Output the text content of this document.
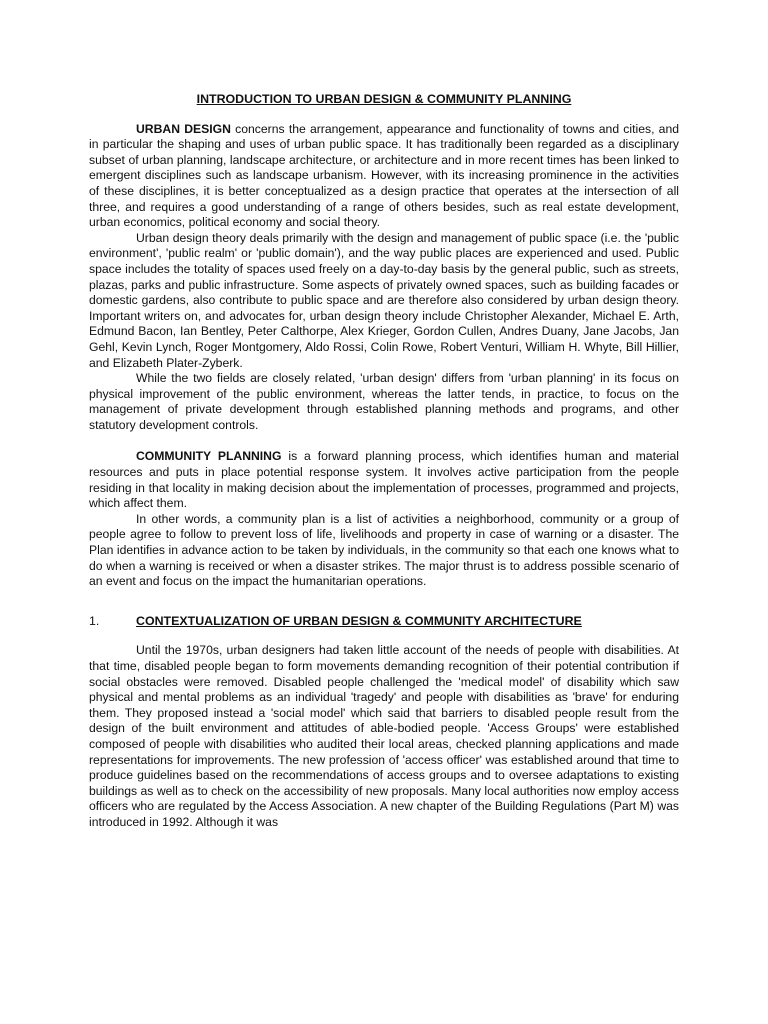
INTRODUCTION TO URBAN DESIGN & COMMUNITY PLANNING

URBAN DESIGN concerns the arrangement, appearance and functionality of towns and cities, and in particular the shaping and uses of urban public space. It has traditionally been regarded as a disciplinary subset of urban planning, landscape architecture, or architecture and in more recent times has been linked to emergent disciplines such as landscape urbanism. However, with its increasing prominence in the activities of these disciplines, it is better conceptualized as a design practice that operates at the intersection of all three, and requires a good understanding of a range of others besides, such as real estate development, urban economics, political economy and social theory.

Urban design theory deals primarily with the design and management of public space (i.e. the 'public environment', 'public realm' or 'public domain'), and the way public places are experienced and used. Public space includes the totality of spaces used freely on a day-to-day basis by the general public, such as streets, plazas, parks and public infrastructure. Some aspects of privately owned spaces, such as building facades or domestic gardens, also contribute to public space and are therefore also considered by urban design theory. Important writers on, and advocates for, urban design theory include Christopher Alexander, Michael E. Arth, Edmund Bacon, Ian Bentley, Peter Calthorpe, Alex Krieger, Gordon Cullen, Andres Duany, Jane Jacobs, Jan Gehl, Kevin Lynch, Roger Montgomery, Aldo Rossi, Colin Rowe, Robert Venturi, William H. Whyte, Bill Hillier, and Elizabeth Plater-Zyberk.

While the two fields are closely related, 'urban design' differs from 'urban planning' in its focus on physical improvement of the public environment, whereas the latter tends, in practice, to focus on the management of private development through established planning methods and programs, and other statutory development controls.

COMMUNITY PLANNING is a forward planning process, which identifies human and material resources and puts in place potential response system. It involves active participation from the people residing in that locality in making decision about the implementation of processes, programmed and projects, which affect them.

In other words, a community plan is a list of activities a neighborhood, community or a group of people agree to follow to prevent loss of life, livelihoods and property in case of warning or a disaster. The Plan identifies in advance action to be taken by individuals, in the community so that each one knows what to do when a warning is received or when a disaster strikes. The major thrust is to address possible scenario of an event and focus on the impact the humanitarian operations.

1.	CONTEXTUALIZATION OF URBAN DESIGN & COMMUNITY ARCHITECTURE

Until the 1970s, urban designers had taken little account of the needs of people with disabilities. At that time, disabled people began to form movements demanding recognition of their potential contribution if social obstacles were removed. Disabled people challenged the 'medical model' of disability which saw physical and mental problems as an individual 'tragedy' and people with disabilities as 'brave' for enduring them. They proposed instead a 'social model' which said that barriers to disabled people result from the design of the built environment and attitudes of able-bodied people. 'Access Groups' were established composed of people with disabilities who audited their local areas, checked planning applications and made representations for improvements. The new profession of 'access officer' was established around that time to produce guidelines based on the recommendations of access groups and to oversee adaptations to existing buildings as well as to check on the accessibility of new proposals. Many local authorities now employ access officers who are regulated by the Access Association. A new chapter of the Building Regulations (Part M) was introduced in 1992. Although it was
